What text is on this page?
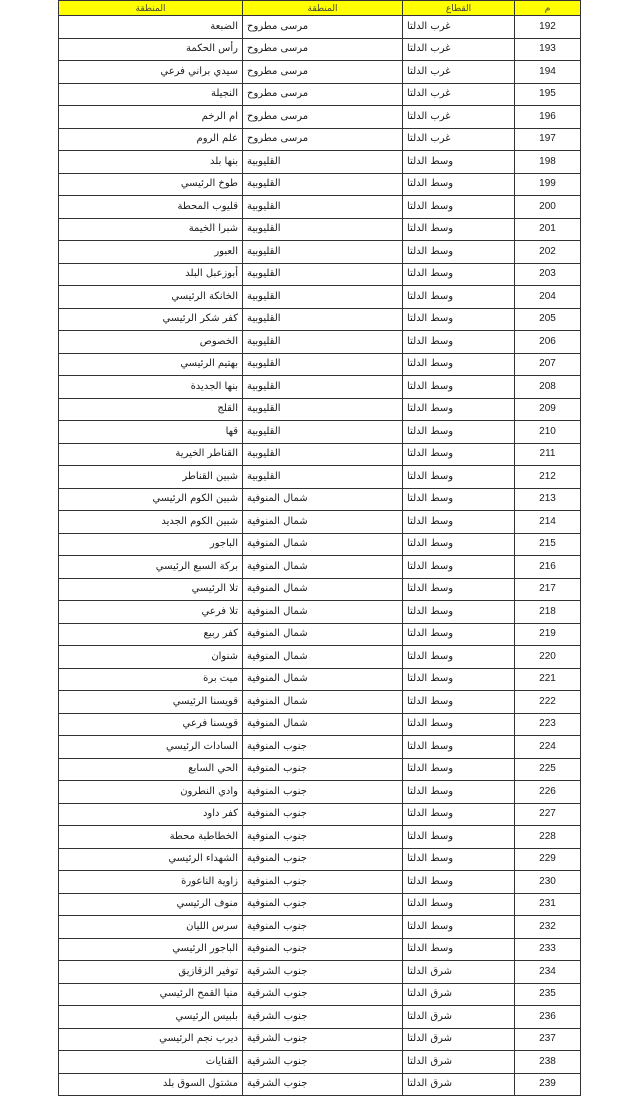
المنطقة	المنطقة	القطاع	م
الضبعة	مرسى مطروح	غرب الدلتا	192
رأس الحكمة	مرسى مطروح	غرب الدلتا	193
سيدي براني فرعي	مرسى مطروح	غرب الدلتا	194
النجيلة	مرسى مطروح	غرب الدلتا	195
ام الرخم	مرسى مطروح	غرب الدلتا	196
علم الروم	مرسى مطروح	غرب الدلتا	197
بنها بلد	القليوبية	وسط الدلتا	198
طوخ الرئيسي	القليوبية	وسط الدلتا	199
قليوب المحطة	القليوبية	وسط الدلتا	200
شبرا الخيمة	القليوبية	وسط الدلتا	201
العبور	القليوبية	وسط الدلتا	202
أبوزعبل البلد	القليوبية	وسط الدلتا	203
الخانكة الرئيسي	القليوبية	وسط الدلتا	204
كفر شكر الرئيسي	القليوبية	وسط الدلتا	205
الخصوص	القليوبية	وسط الدلتا	206
بهتيم الرئيسي	القليوبية	وسط الدلتا	207
بنها الجديدة	القليوبية	وسط الدلتا	208
القلج	القليوبية	وسط الدلتا	209
قها	القليوبية	وسط الدلتا	210
القناطر الخيرية	القليوبية	وسط الدلتا	211
شبين القناطر	القليوبية	وسط الدلتا	212
شبين الكوم الرئيسي	شمال المنوفية	وسط الدلتا	213
شبين الكوم الجديد	شمال المنوفية	وسط الدلتا	214
الباجور	شمال المنوفية	وسط الدلتا	215
بركة السبع الرئيسي	شمال المنوفية	وسط الدلتا	216
تلا الرئيسي	شمال المنوفية	وسط الدلتا	217
تلا فرعي	شمال المنوفية	وسط الدلتا	218
كفر ربيع	شمال المنوفية	وسط الدلتا	219
شنوان	شمال المنوفية	وسط الدلتا	220
ميت برة	شمال المنوفية	وسط الدلتا	221
قويسنا الرئيسي	شمال المنوفية	وسط الدلتا	222
قويسنا فرعي	شمال المنوفية	وسط الدلتا	223
السادات الرئيسي	جنوب المنوفية	وسط الدلتا	224
الحي السابع	جنوب المنوفية	وسط الدلتا	225
وادي النطرون	جنوب المنوفية	وسط الدلتا	226
كفر داود	جنوب المنوفية	وسط الدلتا	227
الخطاطبة محطة	جنوب المنوفية	وسط الدلتا	228
الشهداء الرئيسي	جنوب المنوفية	وسط الدلتا	229
زاوية الناعورة	جنوب المنوفية	وسط الدلتا	230
منوف الرئيسي	جنوب المنوفية	وسط الدلتا	231
سرس الليان	جنوب المنوفية	وسط الدلتا	232
الباجور الرئيسي	جنوب المنوفية	وسط الدلتا	233
توفير الزقازيق	جنوب الشرقية	شرق الدلتا	234
منيا القمح الرئيسي	جنوب الشرقية	شرق الدلتا	235
بلبيس الرئيسي	جنوب الشرقية	شرق الدلتا	236
ديرب نجم الرئيسي	جنوب الشرقية	شرق الدلتا	237
القنايات	جنوب الشرقية	شرق الدلتا	238
مشتول السوق بلد	جنوب الشرقية	شرق الدلتا	239
